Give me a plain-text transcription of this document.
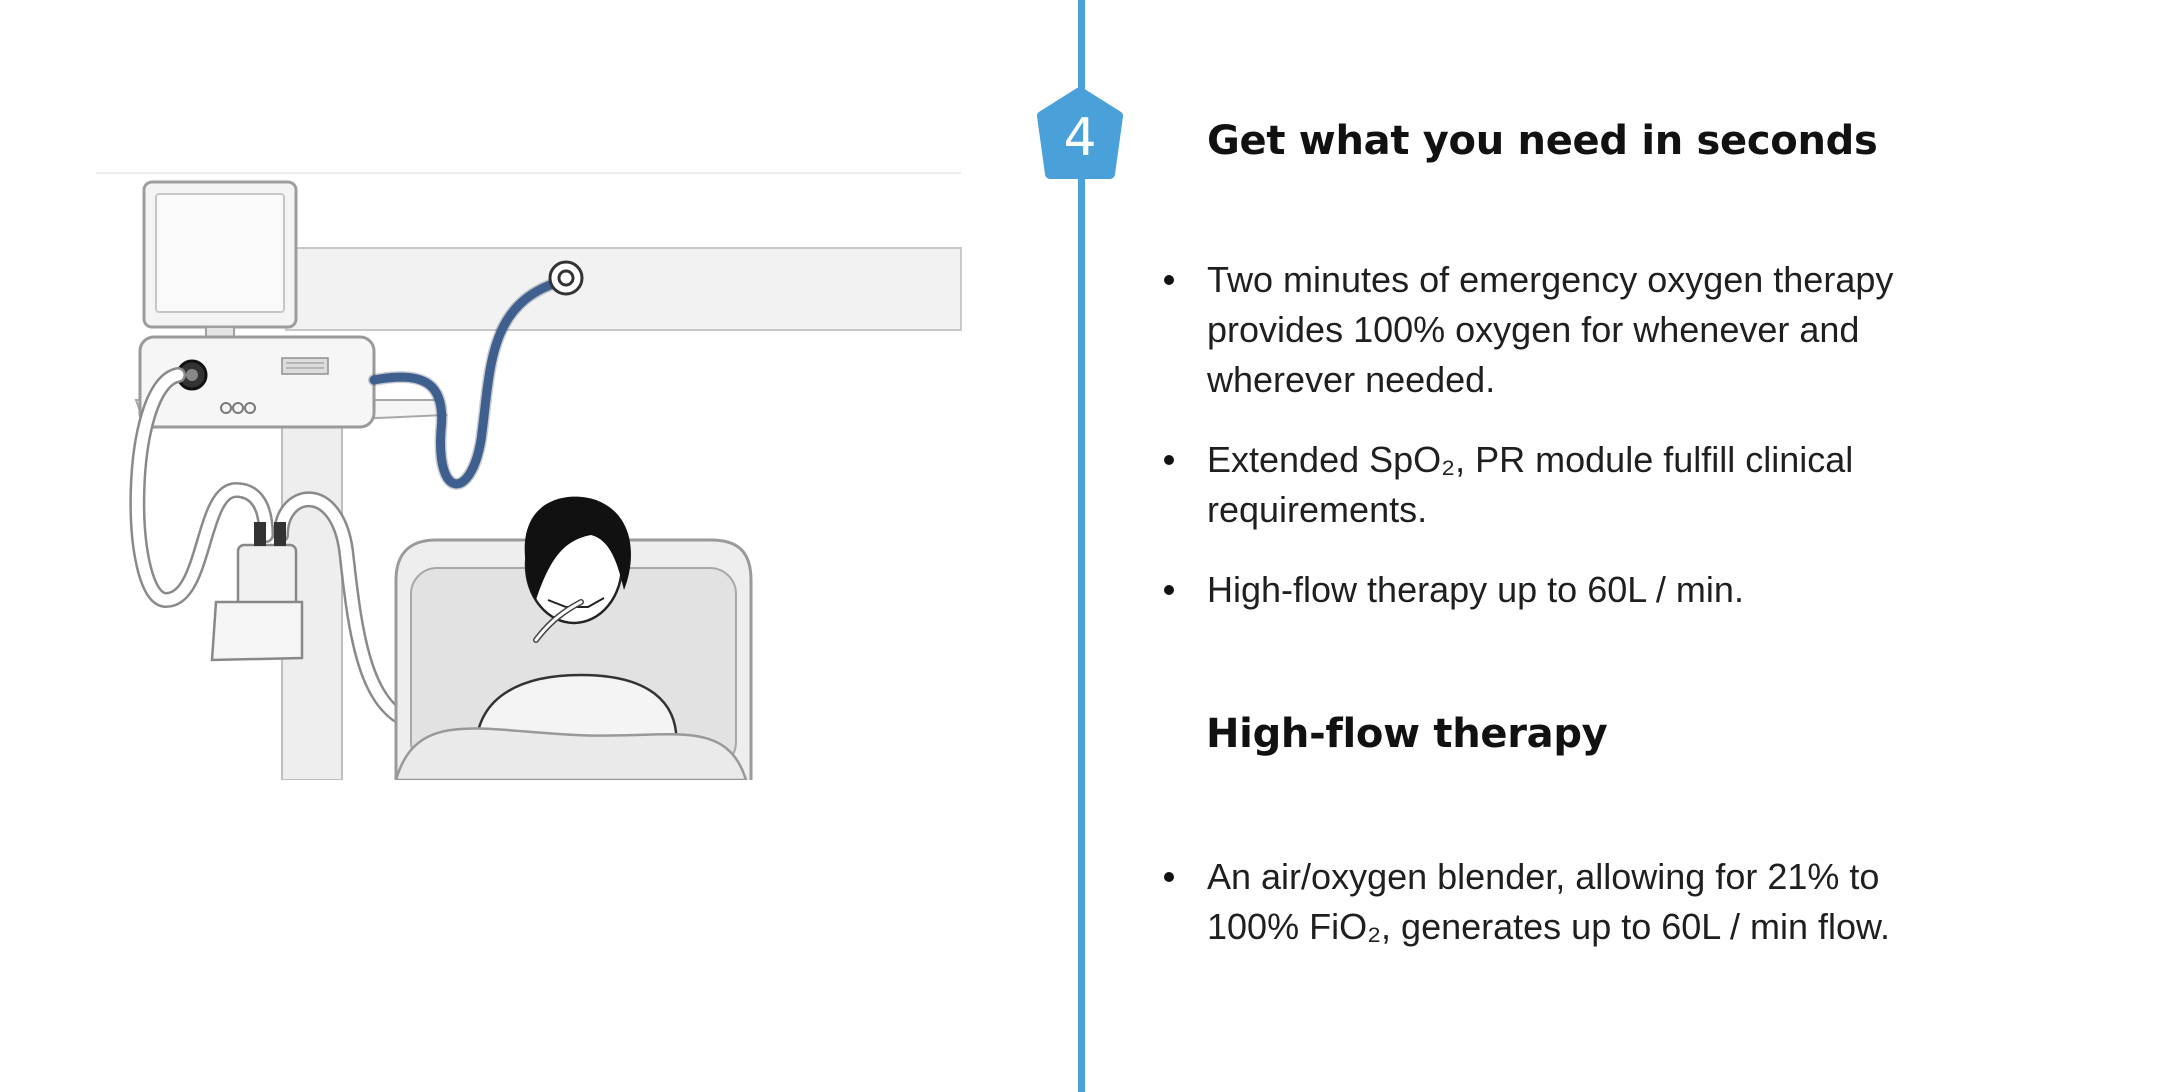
4	Get what you need in seconds
Two minutes of emergency oxygen therapy provides 100% oxygen for whenever and wherever needed.
Extended SpO₂, PR module fulfill clinical requirements.
High-flow therapy up to 60L / min.
High-flow therapy
An air/oxygen blender, allowing for 21% to 100% FiO₂, generates up to 60L / min flow.
